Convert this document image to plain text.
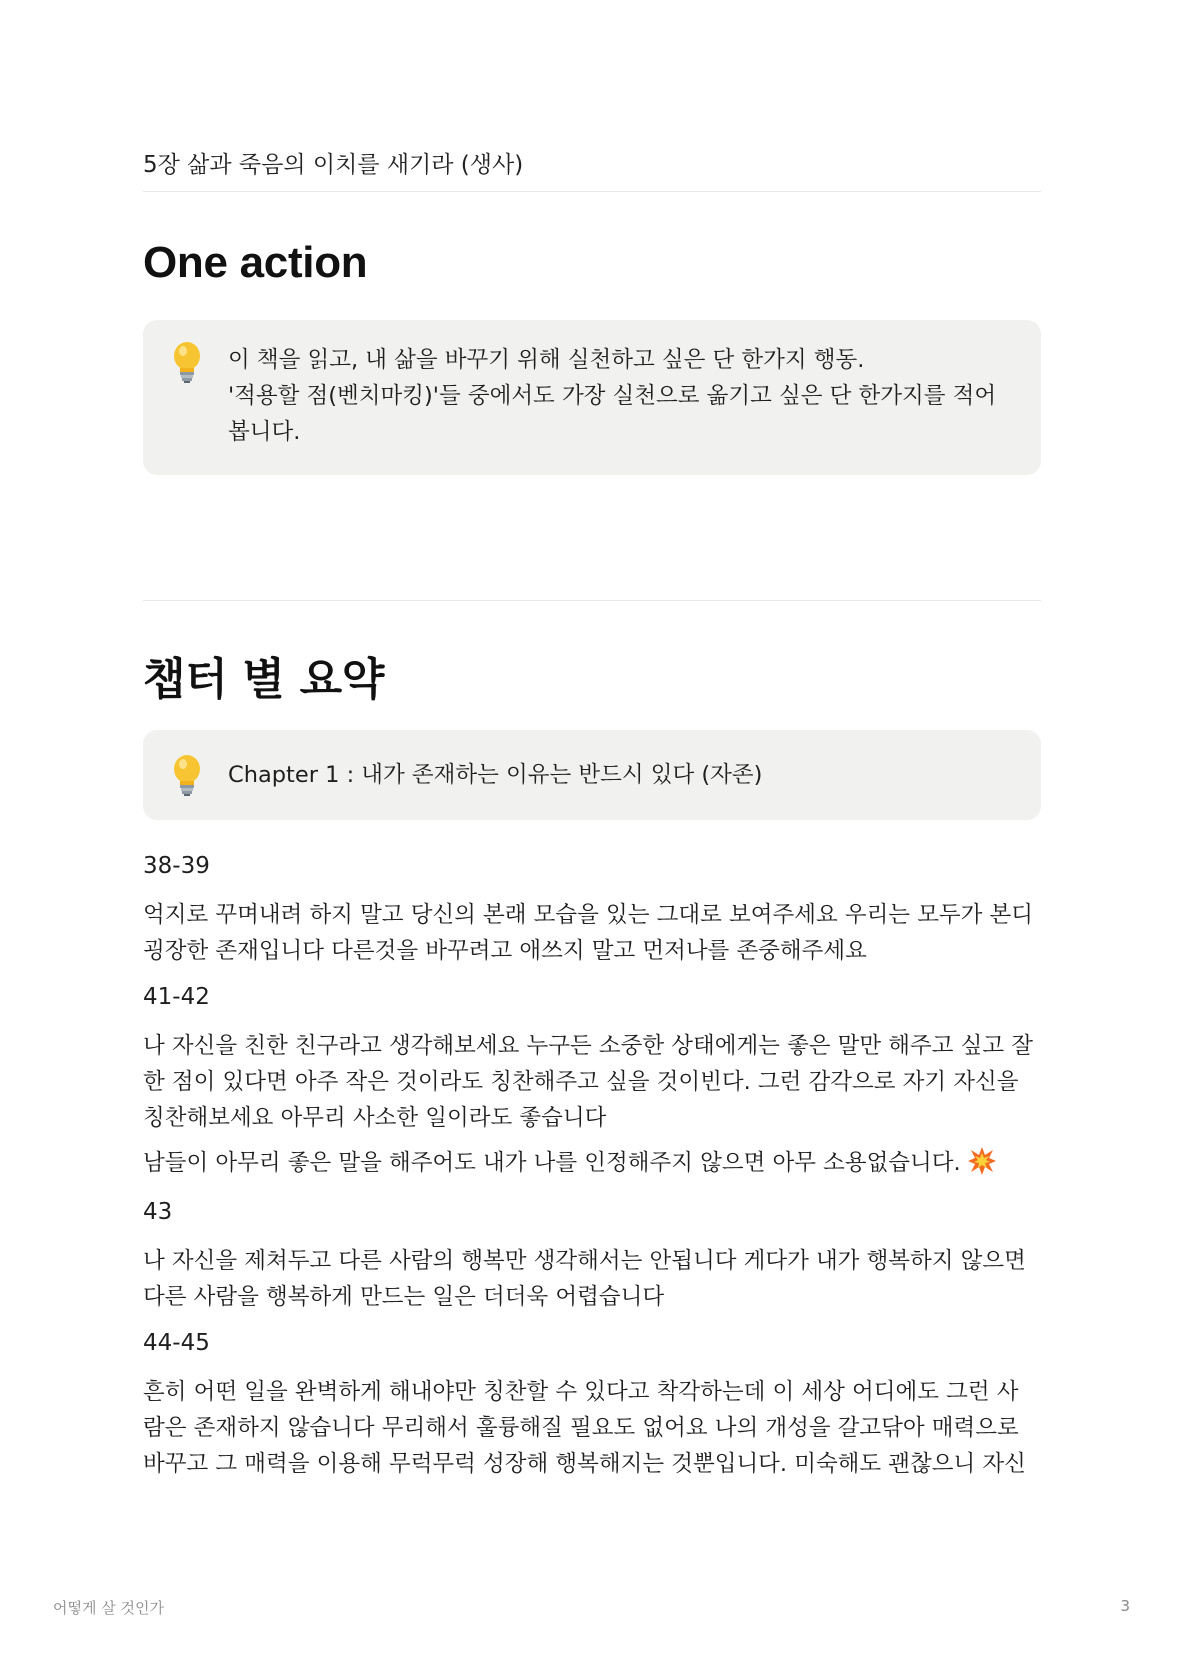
5장 삶과 죽음의 이치를 새기라 (생사)
One action
이 책을 읽고, 내 삶을 바꾸기 위해 실천하고 싶은 단 한가지 행동.
'적용할 점(벤치마킹)'들 중에서도 가장 실천으로 옮기고 싶은 단 한가지를 적어
봅니다.
챕터 별 요약
Chapter 1 : 내가 존재하는 이유는 반드시 있다 (자존)
38-39
억지로 꾸며내려 하지 말고 당신의 본래 모습을 있는 그대로 보여주세요 우리는 모두가 본디
굉장한 존재입니다 다른것을 바꾸려고 애쓰지 말고 먼저나를 존중해주세요
41-42
나 자신을 친한 친구라고 생각해보세요 누구든 소중한 상태에게는 좋은 말만 해주고 싶고 잘
한 점이 있다면 아주 작은 것이라도 칭찬해주고 싶을 것이빈다. 그런 감각으로 자기 자신을
칭찬해보세요 아무리 사소한 일이라도 좋습니다
남들이 아무리 좋은 말을 해주어도 내가 나를 인정해주지 않으면 아무 소용없습니다.
43
나 자신을 제쳐두고 다른 사람의 행복만 생각해서는 안됩니다 게다가 내가 행복하지 않으면
다른 사람을 행복하게 만드는 일은 더더욱 어렵습니다
44-45
흔히 어떤 일을 완벽하게 해내야만 칭찬할 수 있다고 착각하는데 이 세상 어디에도 그런 사
람은 존재하지 않습니다 무리해서 훌륭해질 필요도 없어요 나의 개성을 갈고닦아 매력으로
바꾸고 그 매력을 이용해 무럭무럭 성장해 행복해지는 것뿐입니다. 미숙해도 괜찮으니 자신
어떻게 살 것인가	3
